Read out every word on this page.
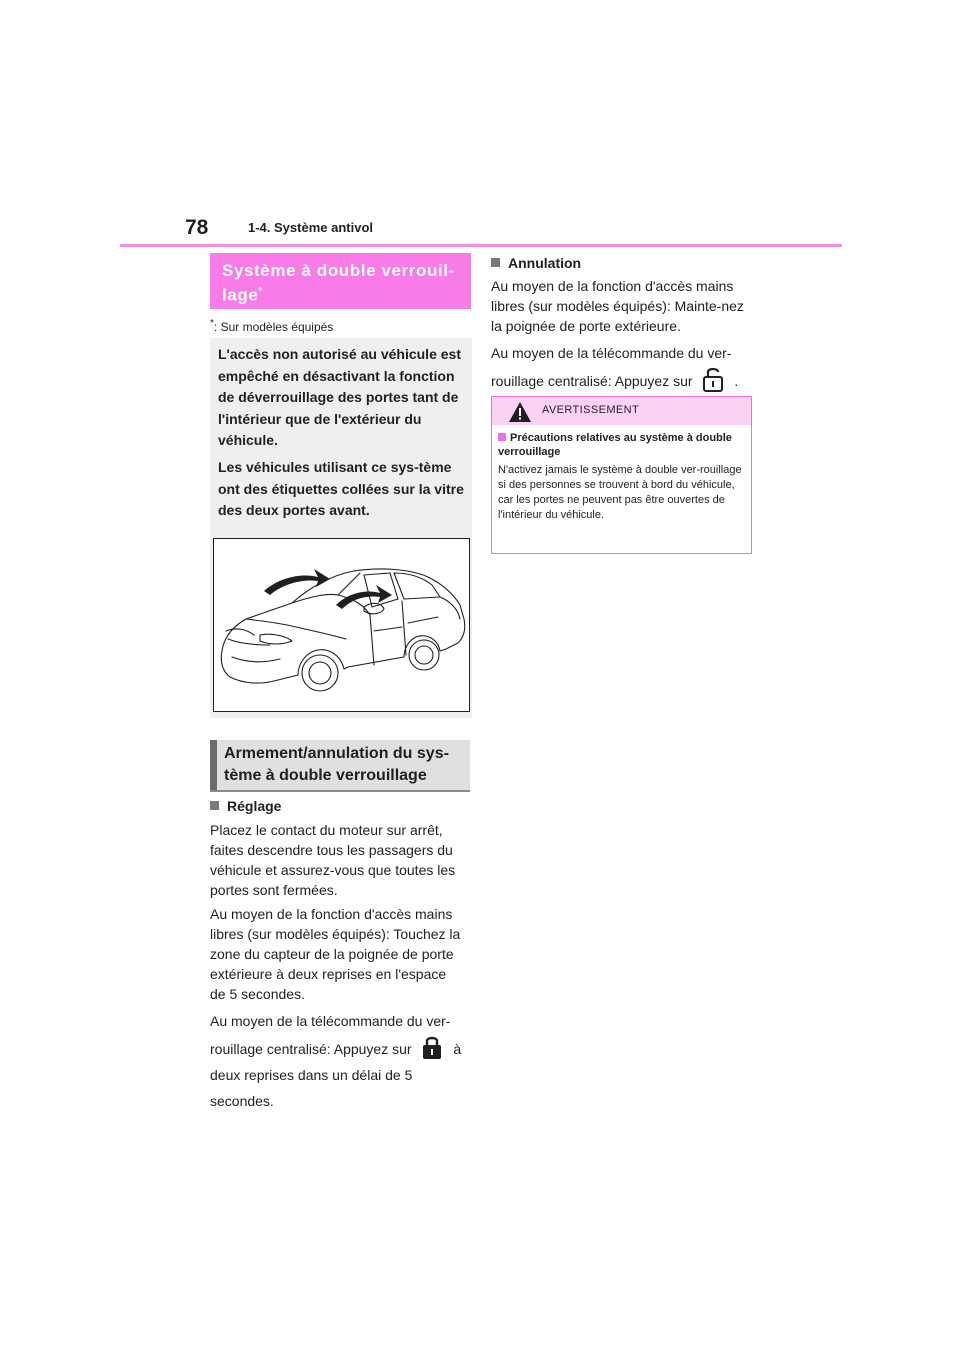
78	1-4. Système antivol
Système à double verrouil-lage*
*: Sur modèles équipés

L'accès non autorisé au véhicule est empêché en désactivant la fonction de déverrouillage des portes tant de l'intérieur que de l'extérieur du véhicule.

Les véhicules utilisant ce sys-tème ont des étiquettes collées sur la vitre des deux portes avant.

Armement/annulation du sys-tème à double verrouillage
Réglage

Placez le contact du moteur sur arrêt, faites descendre tous les passagers du véhicule et assurez-vous que toutes les portes sont fermées.

Au moyen de la fonction d'accès mains libres (sur modèles équipés): Touchez la zone du capteur de la poignée de porte extérieure à deux reprises en l'espace de 5 secondes.

Au moyen de la télécommande du ver-rouillage centralisé: Appuyez sur	à deux reprises dans un délai de 5 secondes.

Annulation

Au moyen de la fonction d'accès mains libres (sur modèles équipés): Mainte-nez la poignée de porte extérieure.

Au moyen de la télécommande du ver-rouillage centralisé: Appuyez sur	.

AVERTISSEMENT
Précautions relatives au système à double verrouillage
N'activez jamais le système à double ver-rouillage si des personnes se trouvent à bord du véhicule, car les portes ne peuvent pas être ouvertes de l'intérieur du véhicule.
